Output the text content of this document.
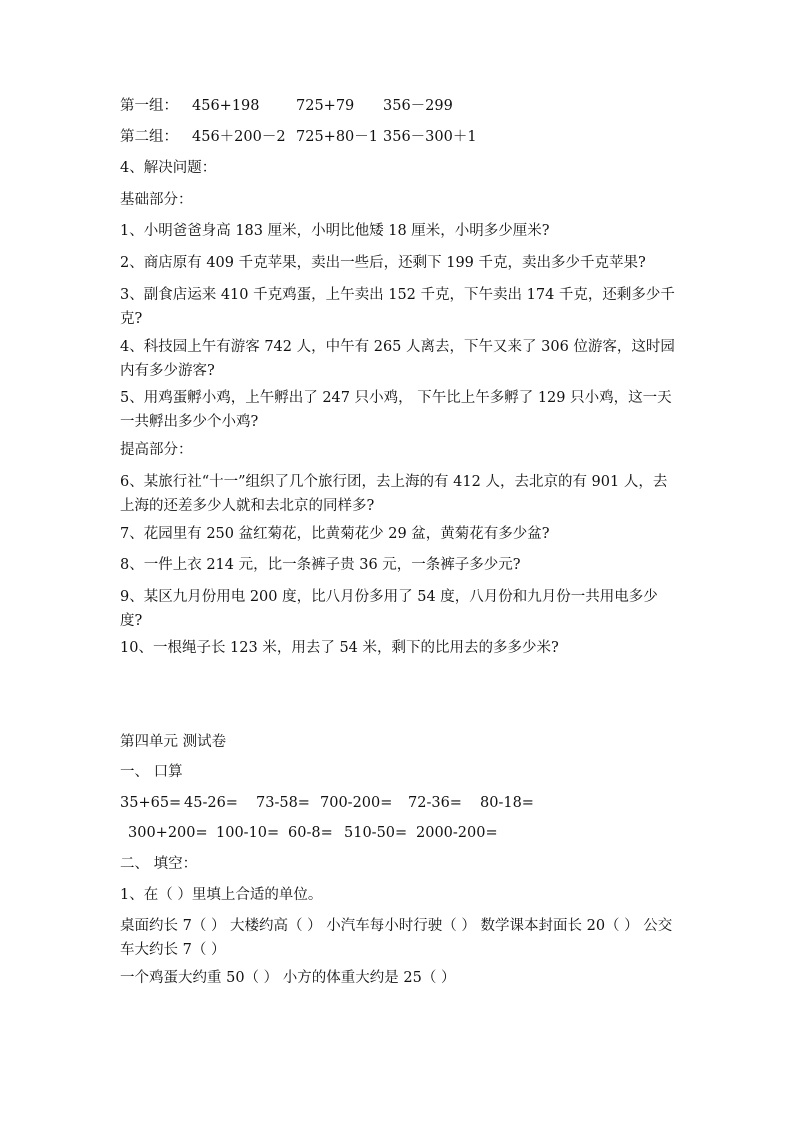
第一组： 456+198	725+79 356－299
第二组： 456＋200－2 725+80－1 356－300＋1
4、解决问题：
基础部分：
1、小明爸爸身高 183 厘米，小明比他矮 18 厘米，小明多少厘米?
2、商店原有 409 千克苹果，卖出一些后，还剩下 199 千克，卖出多少千克苹果?
3、副食店运来 410 千克鸡蛋，上午卖出 152 千克，下午卖出 174 千克，还剩多少千克?
4、科技园上午有游客 742 人，中午有 265 人离去，下午又来了 306 位游客，这时园内有多少游客?
5、用鸡蛋孵小鸡，上午孵出了 247 只小鸡， 下午比上午多孵了 129 只小鸡，这一天一共孵出多少个小鸡?
提高部分：
6、某旅行社“十一”组织了几个旅行团，去上海的有 412 人，去北京的有 901 人，去上海的还差多少人就和去北京的同样多?
7、花园里有 250 盆红菊花，比黄菊花少 29 盆，黄菊花有多少盆?
8、一件上衣 214 元，比一条裤子贵 36 元，一条裤子多少元?
9、某区九月份用电 200 度，比八月份多用了 54 度，八月份和九月份一共用电多少度?
10、一根绳子长 123 米，用去了 54 米，剩下的比用去的多多少米?
第四单元 测试卷
一、 口算
35+65= 45-26= 73-58= 700-200= 72-36= 80-18=
300+200= 100-10= 60-8= 510-50= 2000-200=
二、 填空：
1、在（ ）里填上合适的单位。
桌面约长 7（ ） 大楼约高（ ） 小汽车每小时行驶（ ） 数学课本封面长 20（ ） 公交车大约长 7（ ）
一个鸡蛋大约重 50（ ） 小方的体重大约是 25（ ）
